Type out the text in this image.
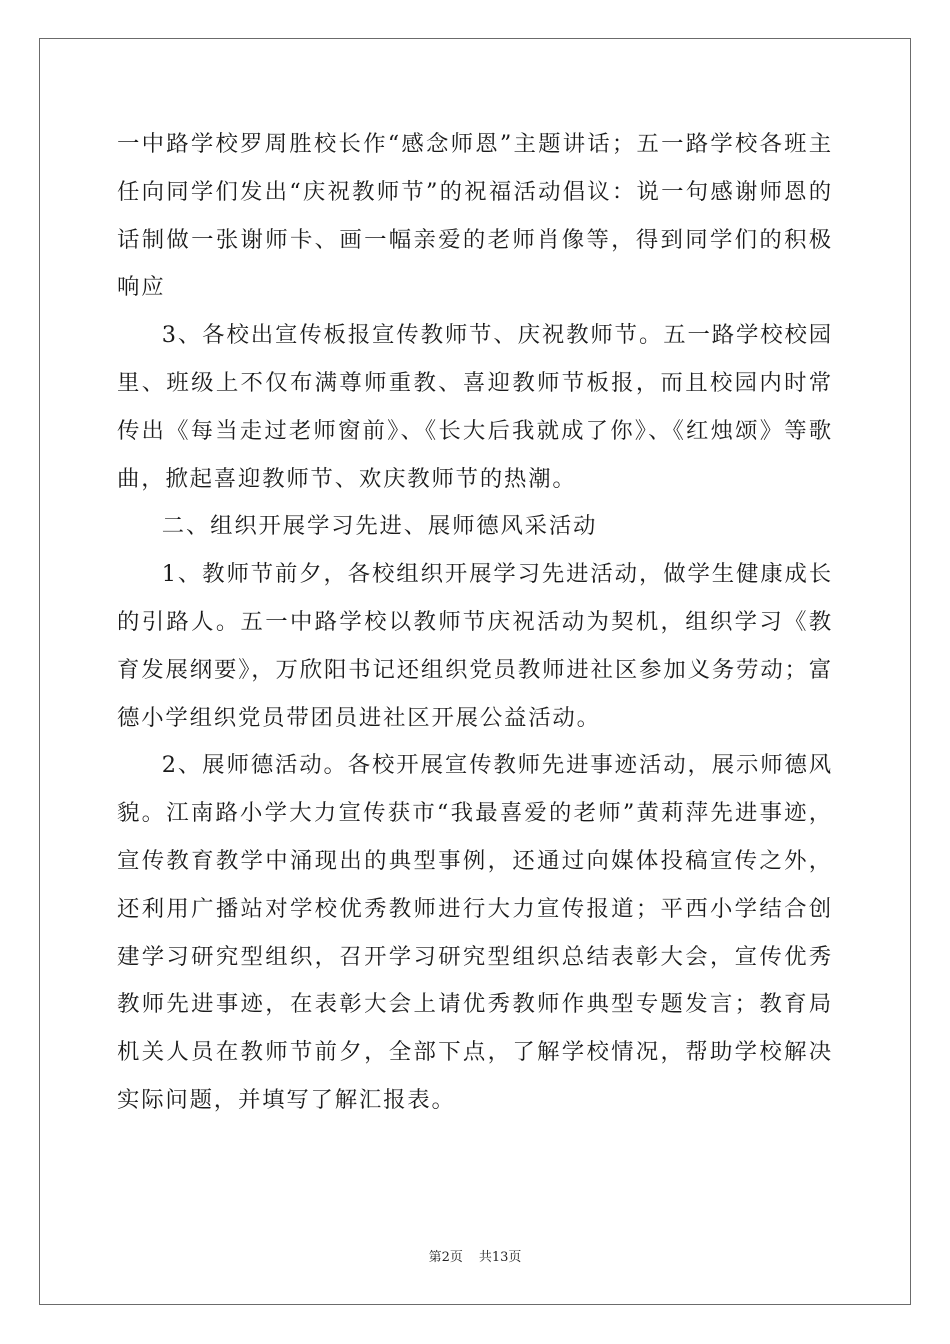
一中路学校罗周胜校长作“感念师恩”主题讲话；五一路学校各班主任向同学们发出“庆祝教师节”的祝福活动倡议：说一句感谢师恩的话制做一张谢师卡、画一幅亲爱的老师肖像等，得到同学们的积极响应

3、各校出宣传板报宣传教师节、庆祝教师节。五一路学校校园里、班级上不仅布满尊师重教、喜迎教师节板报，而且校园内时常传出《每当走过老师窗前》、《长大后我就成了你》、《红烛颂》等歌曲，掀起喜迎教师节、欢庆教师节的热潮。

二、组织开展学习先进、展师德风采活动

1、教师节前夕，各校组织开展学习先进活动，做学生健康成长的引路人。五一中路学校以教师节庆祝活动为契机，组织学习《教育发展纲要》，万欣阳书记还组织党员教师进社区参加义务劳动；富德小学组织党员带团员进社区开展公益活动。

2、展师德活动。各校开展宣传教师先进事迹活动，展示师德风貌。江南路小学大力宣传获市“我最喜爱的老师”黄莉萍先进事迹，宣传教育教学中涌现出的典型事例，还通过向媒体投稿宣传之外，还利用广播站对学校优秀教师进行大力宣传报道；平西小学结合创建学习研究型组织，召开学习研究型组织总结表彰大会，宣传优秀教师先进事迹，在表彰大会上请优秀教师作典型专题发言；教育局机关人员在教师节前夕，全部下点，了解学校情况，帮助学校解决实际问题，并填写了解汇报表。

第2页 共13页
